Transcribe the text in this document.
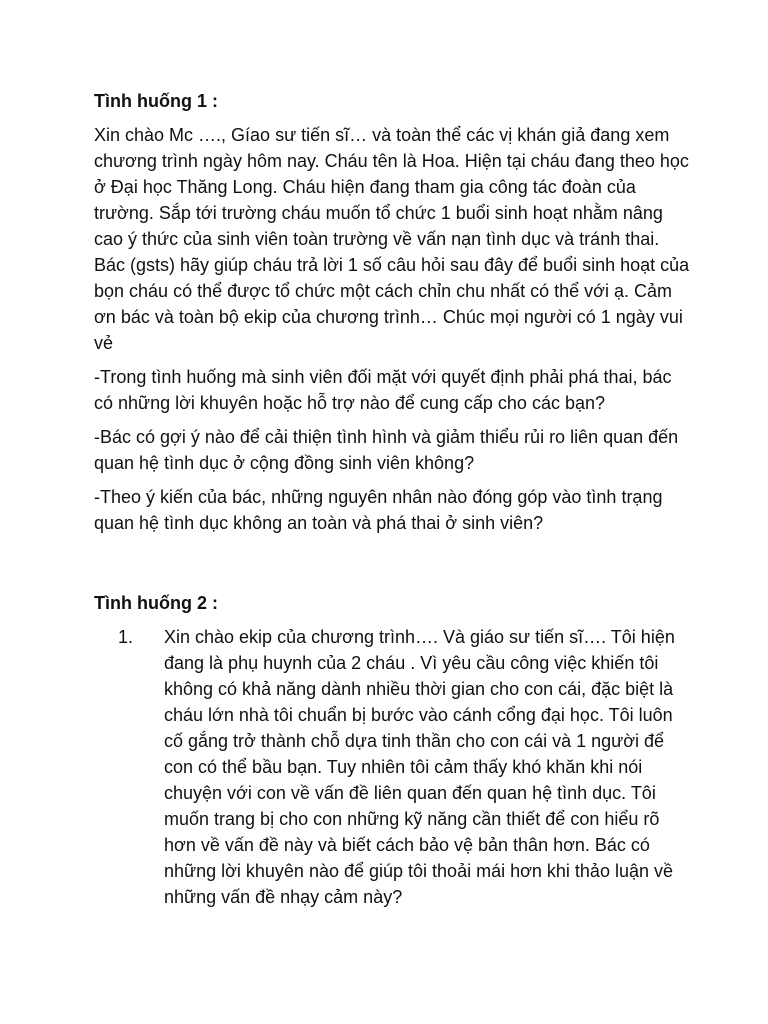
Tình huống 1 :
Xin chào Mc …., Gíao sư tiến sĩ… và toàn thể các vị khán giả đang xem chương trình ngày hôm nay. Cháu tên là Hoa. Hiện tại cháu đang theo học ở Đại học Thăng Long. Cháu hiện đang tham gia công tác đoàn của trường. Sắp tới trường cháu muốn tổ chức 1 buổi sinh hoạt nhằm nâng cao ý thức của sinh viên toàn trường về vấn nạn tình dục và tránh thai. Bác (gsts) hãy giúp cháu trả lời 1 số câu hỏi sau đây để buổi sinh hoạt của bọn cháu có thể được tổ chức một cách chỉn chu nhất có thể với ạ. Cảm ơn bác và toàn bộ ekip của chương trình… Chúc mọi người có 1 ngày vui vẻ
-Trong tình huống mà sinh viên đối mặt với quyết định phải phá thai, bác có những lời khuyên hoặc hỗ trợ nào để cung cấp cho các bạn?
-Bác có gợi ý nào để cải thiện tình hình và giảm thiểu rủi ro liên quan đến quan hệ tình dục ở cộng đồng sinh viên không?
-Theo ý kiến của bác, những nguyên nhân nào đóng góp vào tình trạng quan hệ tình dục không an toàn và phá thai ở sinh viên?
Tình huống 2 :
1.	Xin chào ekip của chương trình…. Và giáo sư tiến sĩ…. Tôi hiện đang là phụ huynh của 2 cháu . Vì yêu cầu công việc khiến tôi không có khả năng dành nhiều thời gian cho con cái, đặc biệt là cháu lớn nhà tôi chuẩn bị bước vào cánh cổng đại học. Tôi luôn cố gắng trở thành chỗ dựa tinh thần cho con cái và 1 người để con có thể bầu bạn. Tuy nhiên tôi cảm thấy khó khăn khi nói chuyện với con về vấn đề liên quan đến quan hệ tình dục. Tôi muốn trang bị cho con những kỹ năng cần thiết để con hiểu rõ hơn về vấn đề này và biết cách bảo vệ bản thân hơn. Bác có những lời khuyên nào để giúp tôi thoải mái hơn khi thảo luận về những vấn đề nhạy cảm này?
